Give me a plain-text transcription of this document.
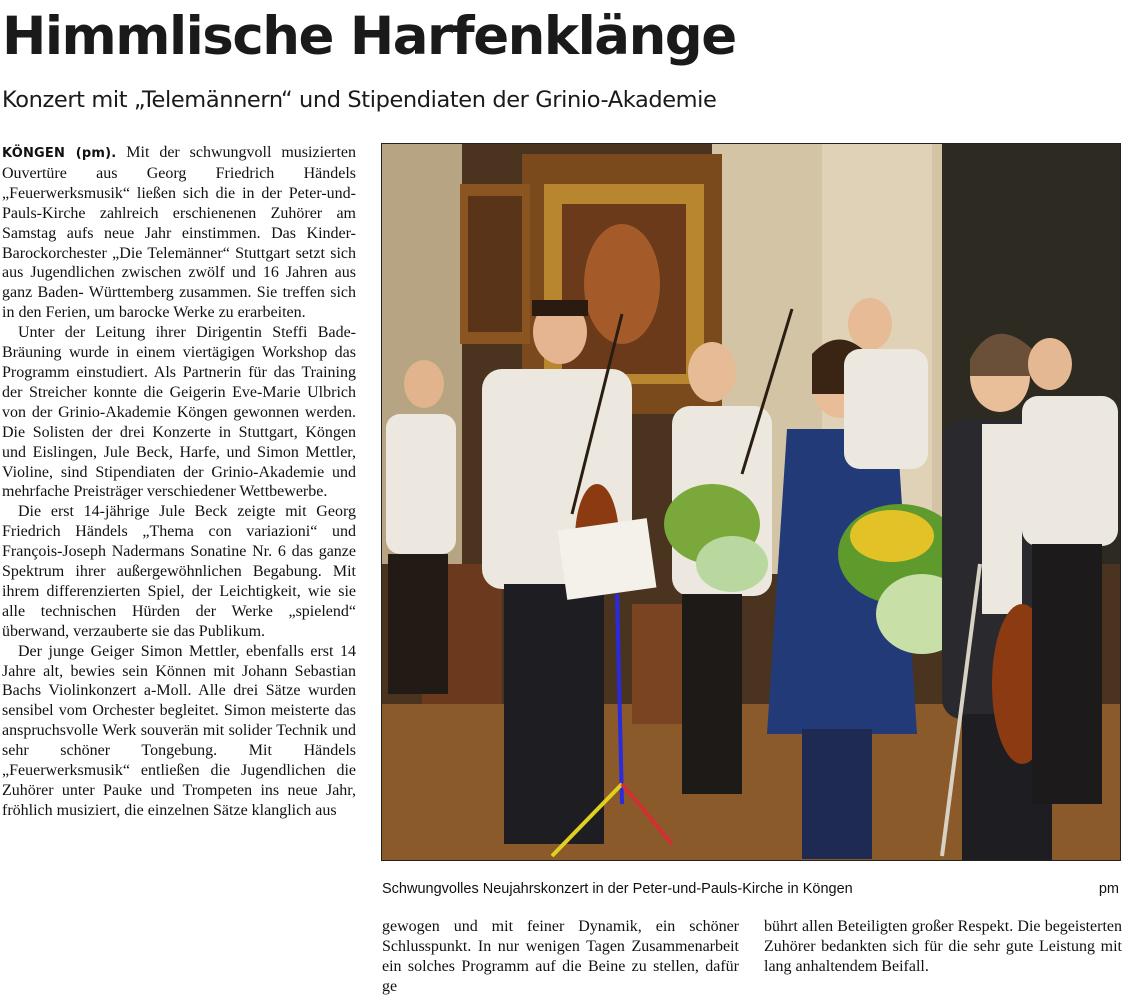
Himmlische Harfenklänge
Konzert mit „Telemännern“ und Stipendiaten der Grinio-Akademie

KÖNGEN (pm). Mit der schwungvoll musizierten Ouvertüre aus Georg Friedrich Händels „Feuerwerksmusik“ ließen sich die in der Peter-und-Pauls-Kirche zahlreich erschienenen Zuhörer am Samstag aufs neue Jahr einstimmen. Das Kinder-Barockorchester „Die Telemänner“ Stuttgart setzt sich aus Jugendlichen zwischen zwölf und 16 Jahren aus ganz Baden- Württemberg zusammen. Sie treffen sich in den Ferien, um barocke Werke zu erarbeiten.

Unter der Leitung ihrer Dirigentin Steffi Bade-Bräuning wurde in einem viertägigen Workshop das Programm einstudiert. Als Partnerin für das Training der Streicher konnte die Geigerin Eve-Marie Ulbrich von der Grinio-Akademie Köngen gewonnen werden. Die Solisten der drei Konzerte in Stuttgart, Köngen und Eislingen, Jule Beck, Harfe, und Simon Mettler, Violine, sind Stipendiaten der Grinio-Akademie und mehrfache Preisträger verschiedener Wettbewerbe.

Die erst 14-jährige Jule Beck zeigte mit Georg Friedrich Händels „Thema con variazioni“ und François-Joseph Nadermans Sonatine Nr. 6 das ganze Spektrum ihrer außergewöhnlichen Begabung. Mit ihrem differenzierten Spiel, der Leichtigkeit, wie sie alle technischen Hürden der Werke „spielend“ überwand, verzauberte sie das Publikum.

Der junge Geiger Simon Mettler, ebenfalls erst 14 Jahre alt, bewies sein Können mit Johann Sebastian Bachs Violinkonzert a-Moll. Alle drei Sätze wurden sensibel vom Orchester begleitet. Simon meisterte das anspruchsvolle Werk souverän mit solider Technik und sehr schöner Tongebung. Mit Händels „Feuerwerksmusik“ entließen die Jugendlichen die Zuhörer unter Pauke und Trompeten ins neue Jahr, fröhlich musiziert, die einzelnen Sätze klanglich aus

Schwungvolles Neujahrskonzert in der Peter-und-Pauls-Kirche in Köngen	pm

gewogen und mit feiner Dynamik, ein schöner Schlusspunkt. In nur wenigen Tagen Zusammenarbeit ein solches Programm auf die Beine zu stellen, dafür ge

bührt allen Beteiligten großer Respekt. Die begeisterten Zuhörer bedankten sich für die sehr gute Leistung mit lang anhaltendem Beifall.
